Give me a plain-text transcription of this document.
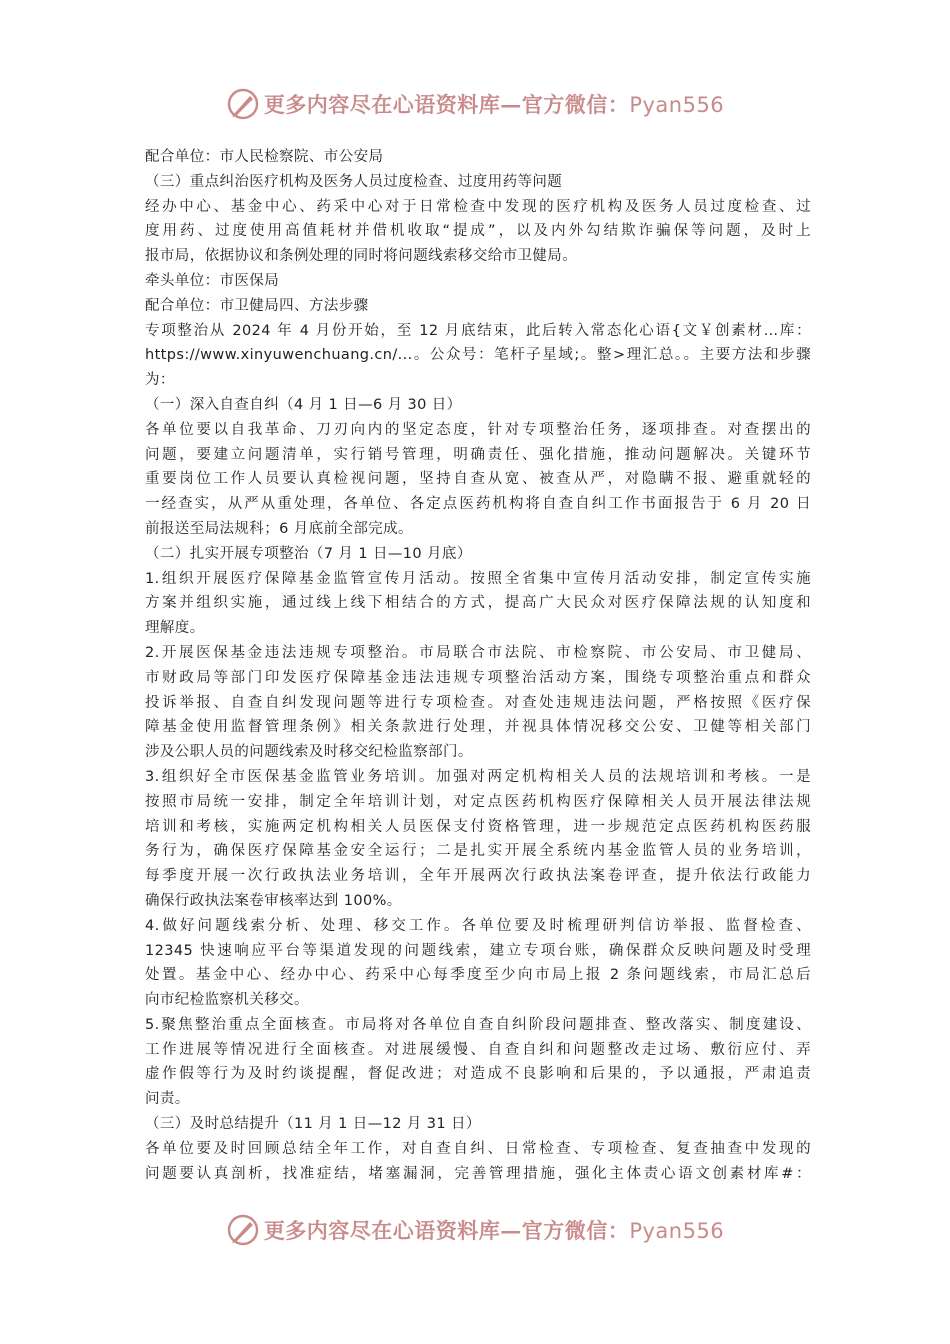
更多内容尽在心语资料库—官方微信：Pyan556
配合单位：市人民检察院、市公安局
（三）重点纠治医疗机构及医务人员过度检查、过度用药等问题
经办中心、基金中心、药采中心对于日常检查中发现的医疗机构及医务人员过度检查、过
度用药、过度使用高值耗材并借机收取“提成”，以及内外勾结欺诈骗保等问题，及时上
报市局，依据协议和条例处理的同时将问题线索移交给市卫健局。
牵头单位：市医保局
配合单位：市卫健局四、方法步骤
专项整治从 2024 年 4 月份开始，至 12 月底结束，此后转入常态化心语{文￥创素材…库：
https://www.xinyuwenchuang.cn/...。公众号：笔杆子星域;。整>理汇总。。主要方法和步骤
为：
（一）深入自查自纠（4 月 1 日—6 月 30 日）
各单位要以自我革命、刀刃向内的坚定态度，针对专项整治任务，逐项排查。对查摆出的
问题，要建立问题清单，实行销号管理，明确责任、强化措施，推动问题解决。关键环节
重要岗位工作人员要认真检视问题，坚持自查从宽、被查从严，对隐瞒不报、避重就轻的
一经查实，从严从重处理，各单位、各定点医药机构将自查自纠工作书面报告于 6 月 20 日
前报送至局法规科；6 月底前全部完成。
（二）扎实开展专项整治（7 月 1 日—10 月底）
1.组织开展医疗保障基金监管宣传月活动。按照全省集中宣传月活动安排，制定宣传实施
方案并组织实施，通过线上线下相结合的方式，提高广大民众对医疗保障法规的认知度和
理解度。
2.开展医保基金违法违规专项整治。市局联合市法院、市检察院、市公安局、市卫健局、
市财政局等部门印发医疗保障基金违法违规专项整治活动方案，围绕专项整治重点和群众
投诉举报、自查自纠发现问题等进行专项检查。对查处违规违法问题，严格按照《医疗保
障基金使用监督管理条例》相关条款进行处理，并视具体情况移交公安、卫健等相关部门
涉及公职人员的问题线索及时移交纪检监察部门。
3.组织好全市医保基金监管业务培训。加强对两定机构相关人员的法规培训和考核。一是
按照市局统一安排，制定全年培训计划，对定点医药机构医疗保障相关人员开展法律法规
培训和考核，实施两定机构相关人员医保支付资格管理，进一步规范定点医药机构医药服
务行为，确保医疗保障基金安全运行；二是扎实开展全系统内基金监管人员的业务培训，
每季度开展一次行政执法业务培训，全年开展两次行政执法案卷评查，提升依法行政能力
确保行政执法案卷审核率达到 100%。
4.做好问题线索分析、处理、移交工作。各单位要及时梳理研判信访举报、监督检查、
12345 快速响应平台等渠道发现的问题线索，建立专项台账，确保群众反映问题及时受理
处置。基金中心、经办中心、药采中心每季度至少向市局上报 2 条问题线索，市局汇总后
向市纪检监察机关移交。
5.聚焦整治重点全面核查。市局将对各单位自查自纠阶段问题排查、整改落实、制度建设、
工作进展等情况进行全面核查。对进展缓慢、自查自纠和问题整改走过场、敷衍应付、弄
虚作假等行为及时约谈提醒，督促改进；对造成不良影响和后果的，予以通报，严肃追责
问责。
（三）及时总结提升（11 月 1 日—12 月 31 日）
各单位要及时回顾总结全年工作，对自查自纠、日常检查、专项检查、复查抽查中发现的
问题要认真剖析，找准症结，堵塞漏洞，完善管理措施，强化主体责心语文创素材库#：
更多内容尽在心语资料库—官方微信：Pyan556
